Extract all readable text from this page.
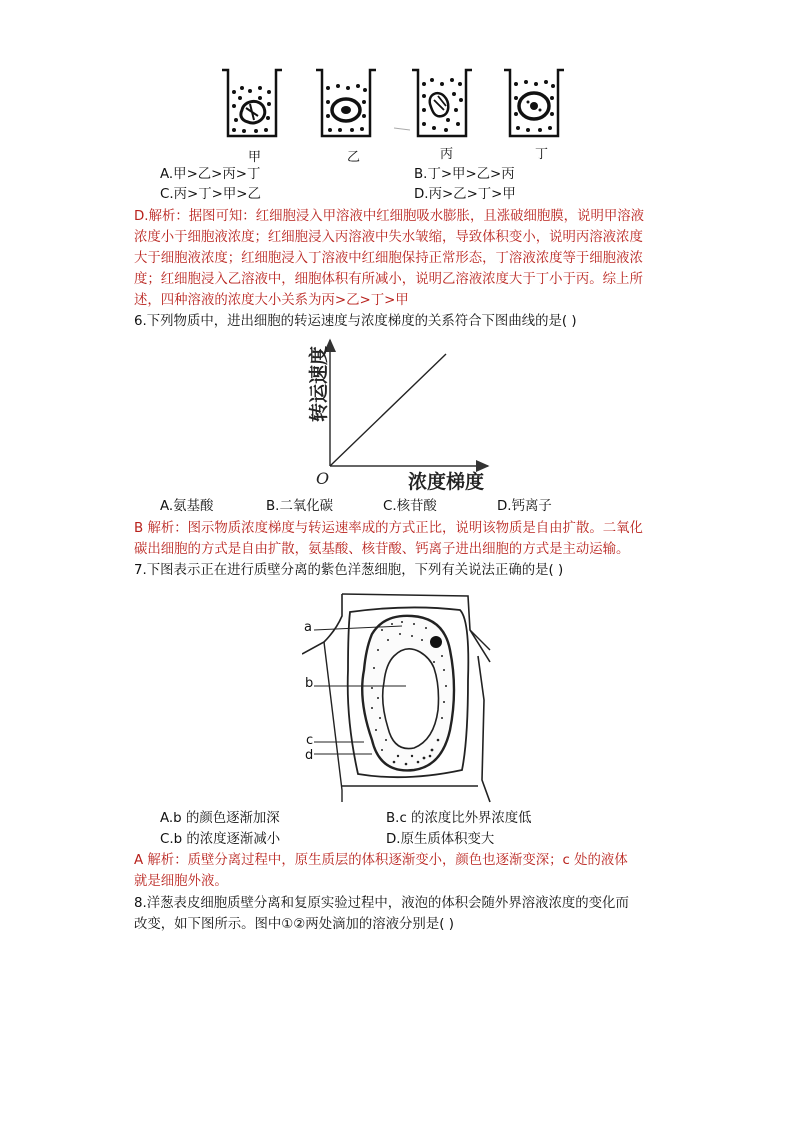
甲	乙	丙	丁
A.甲>乙>丙>丁	B.丁>甲>乙>丙
C.丙>丁>甲>乙	D.丙>乙>丁>甲
D.解析：据图可知：红细胞浸入甲溶液中红细胞吸水膨胀，且涨破细胞膜，说明甲溶液
浓度小于细胞液浓度；红细胞浸入丙溶液中失水皱缩，导致体积变小，说明丙溶液浓度
大于细胞液浓度；红细胞浸入丁溶液中红细胞保持正常形态，丁溶液浓度等于细胞液浓
度；红细胞浸入乙溶液中，细胞体积有所减小，说明乙溶液浓度大于丁小于丙。综上所
述，四种溶液的浓度大小关系为丙>乙>丁>甲
6.下列物质中，进出细胞的转运速度与浓度梯度的关系符合下图曲线的是( )
转运速度
浓度梯度
O
A.氨基酸	B.二氧化碳	C.核苷酸	D.钙离子
B 解析：图示物质浓度梯度与转运速率成的方式正比，说明该物质是自由扩散。二氧化
碳出细胞的方式是自由扩散，氨基酸、核苷酸、钙离子进出细胞的方式是主动运输。
7.下图表示正在进行质壁分离的紫色洋葱细胞，下列有关说法正确的是( )
a
b
c
d
A.b 的颜色逐渐加深	B.c 的浓度比外界浓度低
C.b 的浓度逐渐减小	D.原生质体积变大
A 解析：质壁分离过程中，原生质层的体积逐渐变小，颜色也逐渐变深；c 处的液体
就是细胞外液。
8.洋葱表皮细胞质壁分离和复原实验过程中，液泡的体积会随外界溶液浓度的变化而
改变，如下图所示。图中①②两处滴加的溶液分别是( )
